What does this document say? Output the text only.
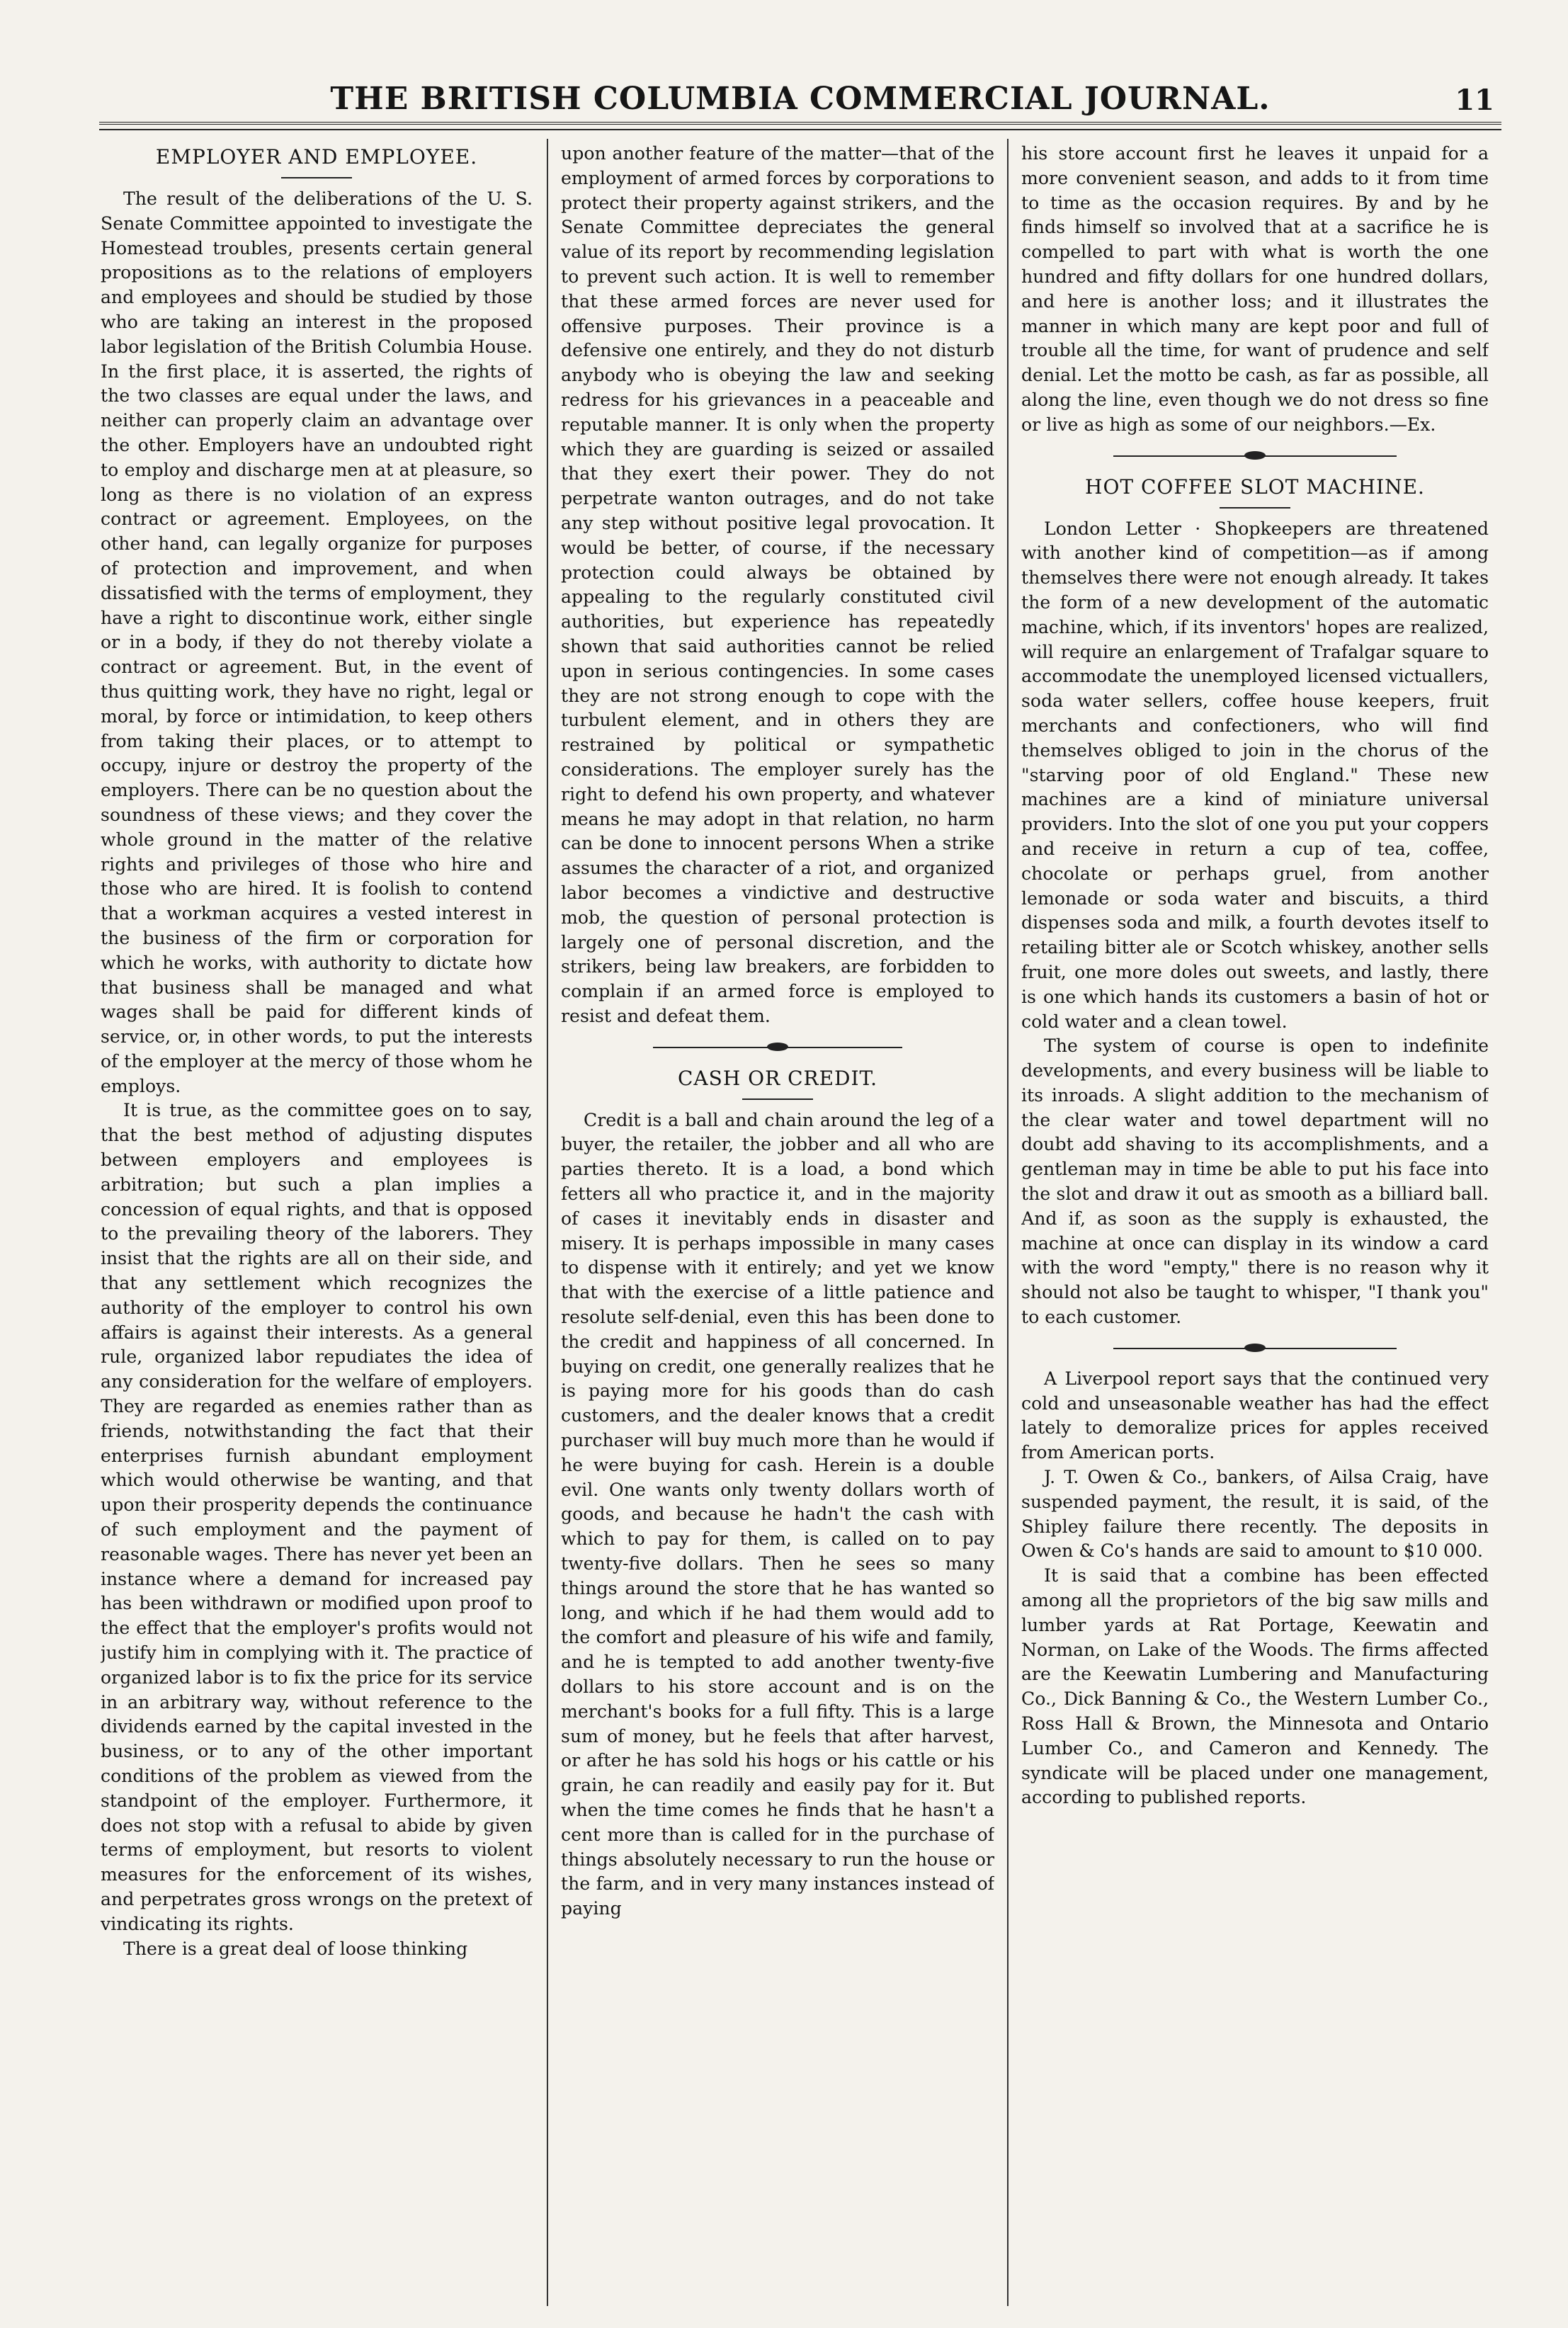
THE BRITISH COLUMBIA COMMERCIAL JOURNAL.	11
EMPLOYER AND EMPLOYEE.

The result of the deliberations of the U. S. Senate Committee appointed to investigate the Homestead troubles, presents certain general propositions as to the relations of employers and employees and should be studied by those who are taking an interest in the proposed labor legislation of the British Columbia House. In the first place, it is asserted, the rights of the two classes are equal under the laws, and neither can properly claim an advantage over the other. Employers have an undoubted right to employ and discharge men at at pleasure, so long as there is no violation of an express contract or agreement. Employees, on the other hand, can legally organize for purposes of protection and improvement, and when dissatisfied with the terms of employment, they have a right to discontinue work, either single or in a body, if they do not thereby violate a contract or agreement. But, in the event of thus quitting work, they have no right, legal or moral, by force or intimidation, to keep others from taking their places, or to attempt to occupy, injure or destroy the property of the employers. There can be no question about the soundness of these views; and they cover the whole ground in the matter of the relative rights and privileges of those who hire and those who are hired. It is foolish to contend that a workman acquires a vested interest in the business of the firm or corporation for which he works, with authority to dictate how that business shall be managed and what wages shall be paid for different kinds of service, or, in other words, to put the interests of the employer at the mercy of those whom he employs.

It is true, as the committee goes on to say, that the best method of adjusting disputes between employers and employees is arbitration; but such a plan implies a concession of equal rights, and that is opposed to the prevailing theory of the laborers. They insist that the rights are all on their side, and that any settlement which recognizes the authority of the employer to control his own affairs is against their interests. As a general rule, organized labor repudiates the idea of any consideration for the welfare of employers. They are regarded as enemies rather than as friends, notwithstanding the fact that their enterprises furnish abundant employment which would otherwise be wanting, and that upon their prosperity depends the continuance of such employment and the payment of reasonable wages. There has never yet been an instance where a demand for increased pay has been withdrawn or modified upon proof to the effect that the employer's profits would not justify him in complying with it. The practice of organized labor is to fix the price for its service in an arbitrary way, without reference to the dividends earned by the capital invested in the business, or to any of the other important conditions of the problem as viewed from the standpoint of the employer. Furthermore, it does not stop with a refusal to abide by given terms of employment, but resorts to violent measures for the enforcement of its wishes, and perpetrates gross wrongs on the pretext of vindicating its rights.

There is a great deal of loose thinking

upon another feature of the matter—that of the employment of armed forces by corporations to protect their property against strikers, and the Senate Committee depreciates the general value of its report by recommending legislation to prevent such action. It is well to remember that these armed forces are never used for offensive purposes. Their province is a defensive one entirely, and they do not disturb anybody who is obeying the law and seeking redress for his grievances in a peaceable and reputable manner. It is only when the property which they are guarding is seized or assailed that they exert their power. They do not perpetrate wanton outrages, and do not take any step without positive legal provocation. It would be better, of course, if the necessary protection could always be obtained by appealing to the regularly constituted civil authorities, but experience has repeatedly shown that said authorities cannot be relied upon in serious contingencies. In some cases they are not strong enough to cope with the turbulent element, and in others they are restrained by political or sympathetic considerations. The employer surely has the right to defend his own property, and whatever means he may adopt in that relation, no harm can be done to innocent persons When a strike assumes the character of a riot, and organized labor becomes a vindictive and destructive mob, the question of personal protection is largely one of personal discretion, and the strikers, being law breakers, are forbidden to complain if an armed force is employed to resist and defeat them.

CASH OR CREDIT.

Credit is a ball and chain around the leg of a buyer, the retailer, the jobber and all who are parties thereto. It is a load, a bond which fetters all who practice it, and in the majority of cases it inevitably ends in disaster and misery. It is perhaps impossible in many cases to dispense with it entirely; and yet we know that with the exercise of a little patience and resolute self-denial, even this has been done to the credit and happiness of all concerned. In buying on credit, one generally realizes that he is paying more for his goods than do cash customers, and the dealer knows that a credit purchaser will buy much more than he would if he were buying for cash. Herein is a double evil. One wants only twenty dollars worth of goods, and because he hadn't the cash with which to pay for them, is called on to pay twenty-five dollars. Then he sees so many things around the store that he has wanted so long, and which if he had them would add to the comfort and pleasure of his wife and family, and he is tempted to add another twenty-five dollars to his store account and is on the merchant's books for a full fifty. This is a large sum of money, but he feels that after harvest, or after he has sold his hogs or his cattle or his grain, he can readily and easily pay for it. But when the time comes he finds that he hasn't a cent more than is called for in the purchase of things absolutely necessary to run the house or the farm, and in very many instances instead of paying

his store account first he leaves it unpaid for a more convenient season, and adds to it from time to time as the occasion requires. By and by he finds himself so involved that at a sacrifice he is compelled to part with what is worth the one hundred and fifty dollars for one hundred dollars, and here is another loss; and it illustrates the manner in which many are kept poor and full of trouble all the time, for want of prudence and self denial. Let the motto be cash, as far as possible, all along the line, even though we do not dress so fine or live as high as some of our neighbors.—Ex.

HOT COFFEE SLOT MACHINE.

London Letter · Shopkeepers are threatened with another kind of competition—as if among themselves there were not enough already. It takes the form of a new development of the automatic machine, which, if its inventors' hopes are realized, will require an enlargement of Trafalgar square to accommodate the unemployed licensed victuallers, soda water sellers, coffee house keepers, fruit merchants and confectioners, who will find themselves obliged to join in the chorus of the "starving poor of old England." These new machines are a kind of miniature universal providers. Into the slot of one you put your coppers and receive in return a cup of tea, coffee, chocolate or perhaps gruel, from another lemonade or soda water and biscuits, a third dispenses soda and milk, a fourth devotes itself to retailing bitter ale or Scotch whiskey, another sells fruit, one more doles out sweets, and lastly, there is one which hands its customers a basin of hot or cold water and a clean towel.

The system of course is open to indefinite developments, and every business will be liable to its inroads. A slight addition to the mechanism of the clear water and towel department will no doubt add shaving to its accomplishments, and a gentleman may in time be able to put his face into the slot and draw it out as smooth as a billiard ball. And if, as soon as the supply is exhausted, the machine at once can display in its window a card with the word "empty," there is no reason why it should not also be taught to whisper, "I thank you" to each customer.

A Liverpool report says that the continued very cold and unseasonable weather has had the effect lately to demoralize prices for apples received from American ports.

J. T. Owen & Co., bankers, of Ailsa Craig, have suspended payment, the result, it is said, of the Shipley failure there recently. The deposits in Owen & Co's hands are said to amount to $10 000.

It is said that a combine has been effected among all the proprietors of the big saw mills and lumber yards at Rat Portage, Keewatin and Norman, on Lake of the Woods. The firms affected are the Keewatin Lumbering and Manufacturing Co., Dick Banning & Co., the Western Lumber Co., Ross Hall & Brown, the Minnesota and Ontario Lumber Co., and Cameron and Kennedy. The syndicate will be placed under one management, according to published reports.
